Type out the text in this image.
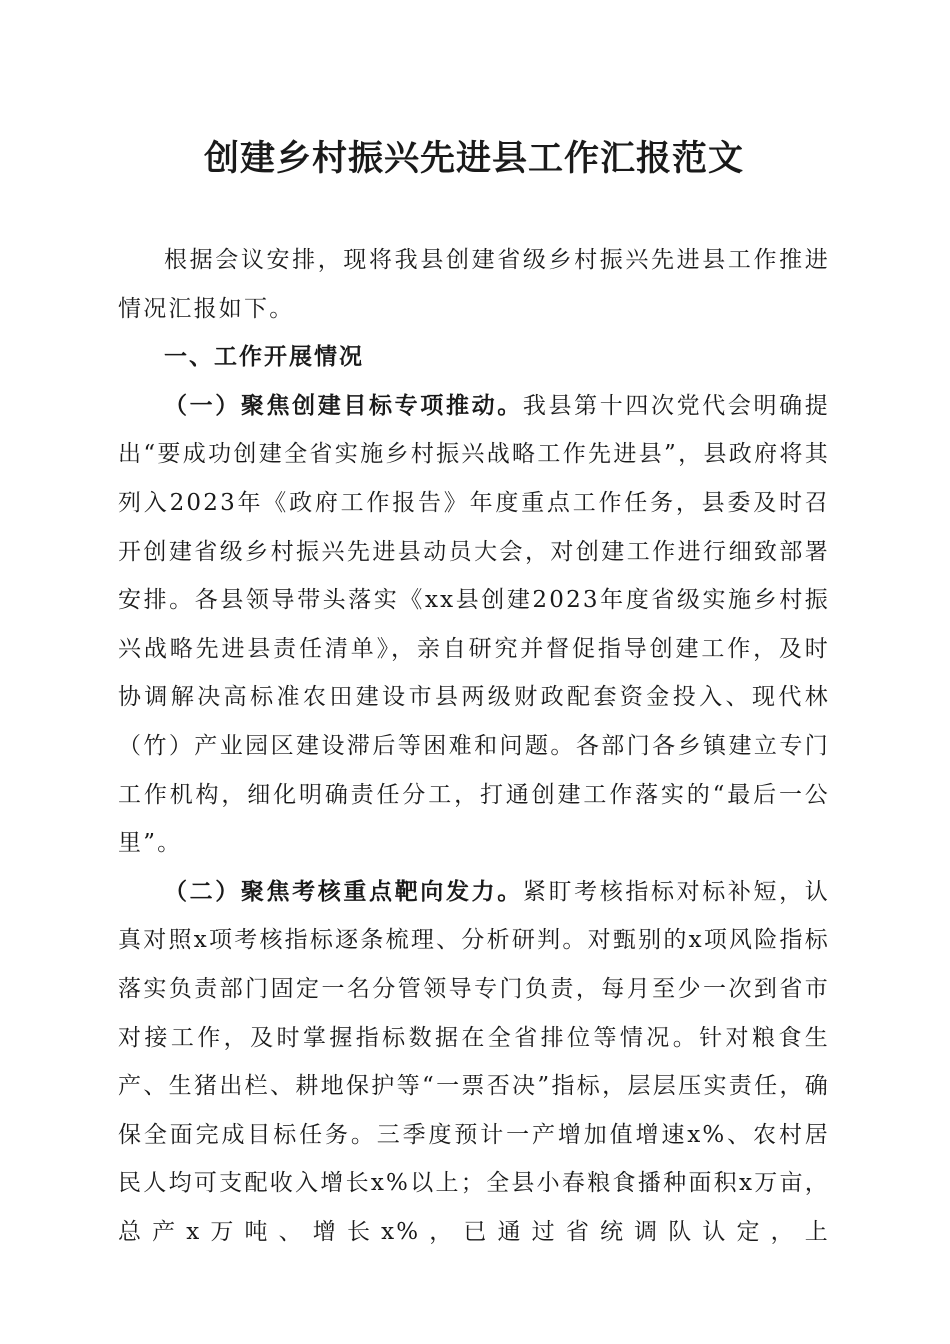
创建乡村振兴先进县工作汇报范文

根据会议安排，现将我县创建省级乡村振兴先进县工作推进情况汇报如下。

一、工作开展情况

（一）聚焦创建目标专项推动。我县第十四次党代会明确提出“要成功创建全省实施乡村振兴战略工作先进县”，县政府将其列入2023年《政府工作报告》年度重点工作任务，县委及时召开创建省级乡村振兴先进县动员大会，对创建工作进行细致部署安排。各县领导带头落实《xx县创建2023年度省级实施乡村振兴战略先进县责任清单》，亲自研究并督促指导创建工作，及时协调解决高标准农田建设市县两级财政配套资金投入、现代林（竹）产业园区建设滞后等困难和问题。各部门各乡镇建立专门工作机构，细化明确责任分工，打通创建工作落实的“最后一公里”。

（二）聚焦考核重点靶向发力。紧盯考核指标对标补短，认真对照x项考核指标逐条梳理、分析研判。对甄别的x项风险指标落实负责部门固定一名分管领导专门负责，每月至少一次到省市对接工作，及时掌握指标数据在全省排位等情况。针对粮食生产、生猪出栏、耕地保护等“一票否决”指标，层层压实责任，确保全面完成目标任务。三季度预计一产增加值增速x%、农村居民人均可支配收入增长x%以上；全县小春粮食播种面积x万亩，总产x万吨、增长x%，已通过省统调队认定，上
